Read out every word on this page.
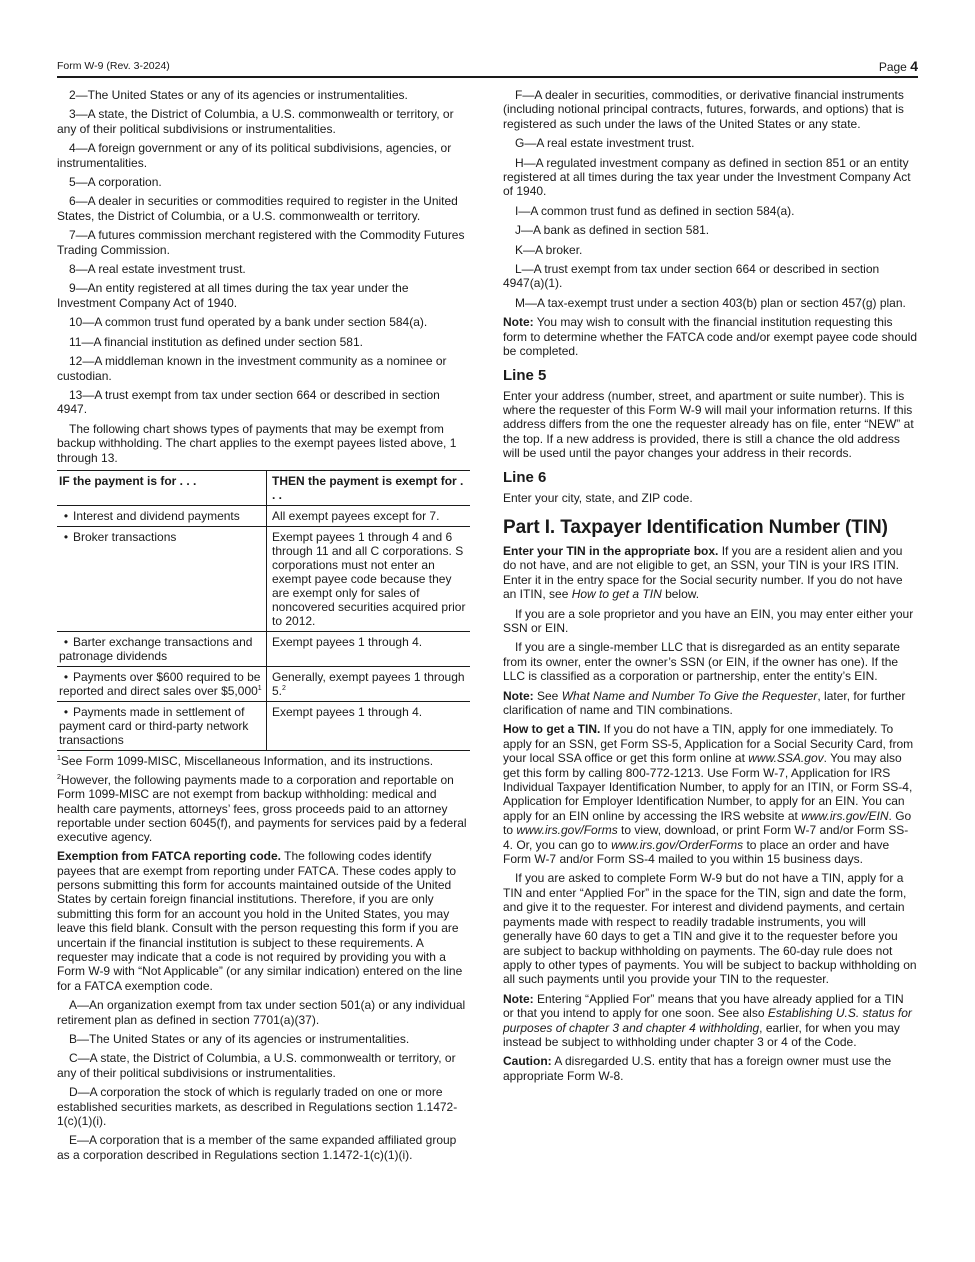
Form W-9 (Rev. 3-2024)	Page 4

2—The United States or any of its agencies or instrumentalities.

3—A state, the District of Columbia, a U.S. commonwealth or territory, or any of their political subdivisions or instrumentalities.

4—A foreign government or any of its political subdivisions, agencies, or instrumentalities.

5—A corporation.

6—A dealer in securities or commodities required to register in the United States, the District of Columbia, or a U.S. commonwealth or territory.

7—A futures commission merchant registered with the Commodity Futures Trading Commission.

8—A real estate investment trust.

9—An entity registered at all times during the tax year under the Investment Company Act of 1940.

10—A common trust fund operated by a bank under section 584(a).

11—A financial institution as defined under section 581.

12—A middleman known in the investment community as a nominee or custodian.

13—A trust exempt from tax under section 664 or described in section 4947.

The following chart shows types of payments that may be exempt from backup withholding. The chart applies to the exempt payees listed above, 1 through 13.

IF the payment is for . . .	THEN the payment is exempt for . . .
• Interest and dividend payments	All exempt payees except for 7.
• Broker transactions	Exempt payees 1 through 4 and 6 through 11 and all C corporations. S corporations must not enter an exempt payee code because they are exempt only for sales of noncovered securities acquired prior to 2012.
• Barter exchange transactions and patronage dividends	Exempt payees 1 through 4.
• Payments over $600 required to be reported and direct sales over $5,000$^1$	Generally, exempt payees 1 through 5.$^2$
• Payments made in settlement of payment card or third-party network transactions	Exempt payees 1 through 4.

$^1$See Form 1099-MISC, Miscellaneous Information, and its instructions.

$^2$However, the following payments made to a corporation and reportable on Form 1099-MISC are not exempt from backup withholding: medical and health care payments, attorneys’ fees, gross proceeds paid to an attorney reportable under section 6045(f), and payments for services paid by a federal executive agency.

Exemption from FATCA reporting code. The following codes identify payees that are exempt from reporting under FATCA. These codes apply to persons submitting this form for accounts maintained outside of the United States by certain foreign financial institutions. Therefore, if you are only submitting this form for an account you hold in the United States, you may leave this field blank. Consult with the person requesting this form if you are uncertain if the financial institution is subject to these requirements. A requester may indicate that a code is not required by providing you with a Form W-9 with “Not Applicable” (or any similar indication) entered on the line for a FATCA exemption code.

A—An organization exempt from tax under section 501(a) or any individual retirement plan as defined in section 7701(a)(37).

B—The United States or any of its agencies or instrumentalities.

C—A state, the District of Columbia, a U.S. commonwealth or territory, or any of their political subdivisions or instrumentalities.

D—A corporation the stock of which is regularly traded on one or more established securities markets, as described in Regulations section 1.1472-1(c)(1)(i).

E—A corporation that is a member of the same expanded affiliated group as a corporation described in Regulations section 1.1472-1(c)(1)(i).

F—A dealer in securities, commodities, or derivative financial instruments (including notional principal contracts, futures, forwards, and options) that is registered as such under the laws of the United States or any state.

G—A real estate investment trust.

H—A regulated investment company as defined in section 851 or an entity registered at all times during the tax year under the Investment Company Act of 1940.

I—A common trust fund as defined in section 584(a).

J—A bank as defined in section 581.

K—A broker.

L—A trust exempt from tax under section 664 or described in section 4947(a)(1).

M—A tax-exempt trust under a section 403(b) plan or section 457(g) plan.

Note: You may wish to consult with the financial institution requesting this form to determine whether the FATCA code and/or exempt payee code should be completed.

Line 5

Enter your address (number, street, and apartment or suite number). This is where the requester of this Form W-9 will mail your information returns. If this address differs from the one the requester already has on file, enter “NEW” at the top. If a new address is provided, there is still a chance the old address will be used until the payor changes your address in their records.

Line 6

Enter your city, state, and ZIP code.

Part I. Taxpayer Identification Number (TIN)

Enter your TIN in the appropriate box. If you are a resident alien and you do not have, and are not eligible to get, an SSN, your TIN is your IRS ITIN. Enter it in the entry space for the Social security number. If you do not have an ITIN, see How to get a TIN below.

If you are a sole proprietor and you have an EIN, you may enter either your SSN or EIN.

If you are a single-member LLC that is disregarded as an entity separate from its owner, enter the owner’s SSN (or EIN, if the owner has one). If the LLC is classified as a corporation or partnership, enter the entity’s EIN.

Note: See What Name and Number To Give the Requester, later, for further clarification of name and TIN combinations.

How to get a TIN. If you do not have a TIN, apply for one immediately. To apply for an SSN, get Form SS-5, Application for a Social Security Card, from your local SSA office or get this form online at www.SSA.gov. You may also get this form by calling 800-772-1213. Use Form W-7, Application for IRS Individual Taxpayer Identification Number, to apply for an ITIN, or Form SS-4, Application for Employer Identification Number, to apply for an EIN. You can apply for an EIN online by accessing the IRS website at www.irs.gov/EIN. Go to www.irs.gov/Forms to view, download, or print Form W-7 and/or Form SS-4. Or, you can go to www.irs.gov/OrderForms to place an order and have Form W-7 and/or Form SS-4 mailed to you within 15 business days.

If you are asked to complete Form W-9 but do not have a TIN, apply for a TIN and enter “Applied For” in the space for the TIN, sign and date the form, and give it to the requester. For interest and dividend payments, and certain payments made with respect to readily tradable instruments, you will generally have 60 days to get a TIN and give it to the requester before you are subject to backup withholding on payments. The 60-day rule does not apply to other types of payments. You will be subject to backup withholding on all such payments until you provide your TIN to the requester.

Note: Entering “Applied For” means that you have already applied for a TIN or that you intend to apply for one soon. See also Establishing U.S. status for purposes of chapter 3 and chapter 4 withholding, earlier, for when you may instead be subject to withholding under chapter 3 or 4 of the Code.

Caution: A disregarded U.S. entity that has a foreign owner must use the appropriate Form W-8.
